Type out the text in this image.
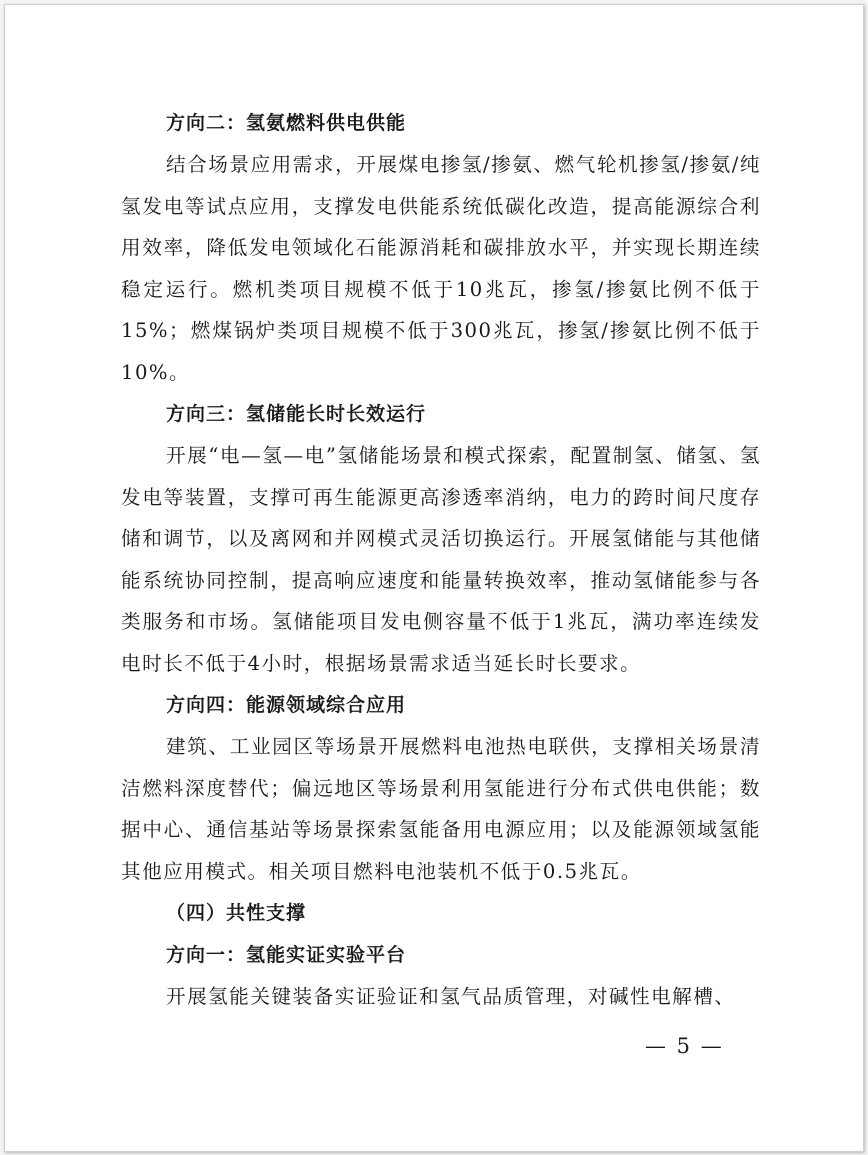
方向二：氢氨燃料供电供能

结合场景应用需求，开展煤电掺氢/掺氨、燃气轮机掺氢/掺氨/纯氢发电等试点应用，支撑发电供能系统低碳化改造，提高能源综合利用效率，降低发电领域化石能源消耗和碳排放水平，并实现长期连续稳定运行。燃机类项目规模不低于10兆瓦，掺氢/掺氨比例不低于15%；燃煤锅炉类项目规模不低于300兆瓦，掺氢/掺氨比例不低于10%。

方向三：氢储能长时长效运行

开展“电—氢—电”氢储能场景和模式探索，配置制氢、储氢、氢发电等装置，支撑可再生能源更高渗透率消纳，电力的跨时间尺度存储和调节，以及离网和并网模式灵活切换运行。开展氢储能与其他储能系统协同控制，提高响应速度和能量转换效率，推动氢储能参与各类服务和市场。氢储能项目发电侧容量不低于1兆瓦，满功率连续发电时长不低于4小时，根据场景需求适当延长时长要求。

方向四：能源领域综合应用

建筑、工业园区等场景开展燃料电池热电联供，支撑相关场景清洁燃料深度替代；偏远地区等场景利用氢能进行分布式供电供能；数据中心、通信基站等场景探索氢能备用电源应用；以及能源领域氢能其他应用模式。相关项目燃料电池装机不低于0.5兆瓦。

（四）共性支撑
方向一：氢能实证实验平台

开展氢能关键装备实证验证和氢气品质管理，对碱性电解槽、

— 5 —
